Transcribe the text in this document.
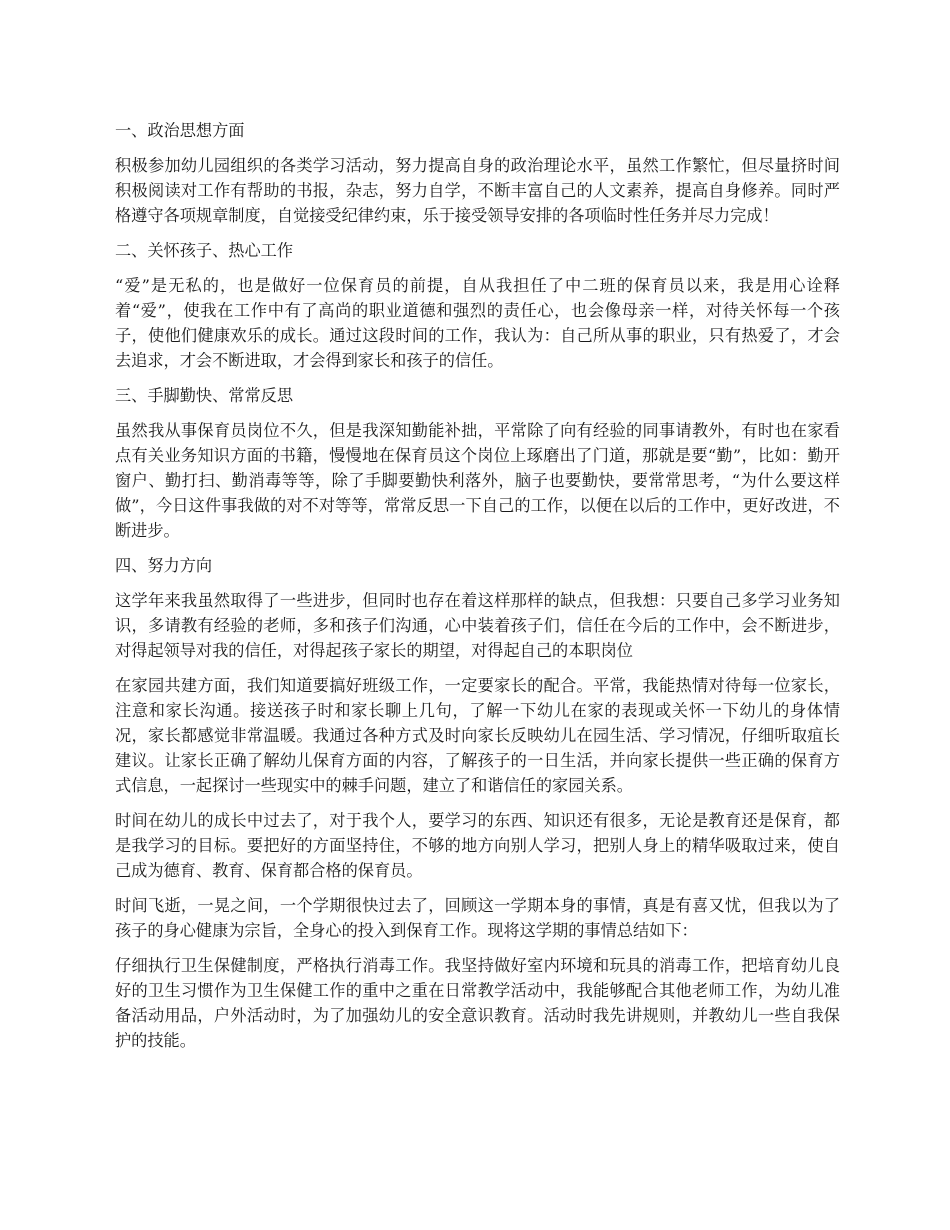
一、政治思想方面

积极参加幼儿园组织的各类学习活动，努力提高自身的政治理论水平，虽然工作繁忙，但尽量挤时间积极阅读对工作有帮助的书报，杂志，努力自学，不断丰富自己的人文素养，提高自身修养。同时严格遵守各项规章制度，自觉接受纪律约束，乐于接受领导安排的各项临时性任务并尽力完成！

二、关怀孩子、热心工作

“爱”是无私的，也是做好一位保育员的前提，自从我担任了中二班的保育员以来，我是用心诠释着“爱”，使我在工作中有了高尚的职业道德和强烈的责任心，也会像母亲一样，对待关怀每一个孩子，使他们健康欢乐的成长。通过这段时间的工作，我认为：自己所从事的职业，只有热爱了，才会去追求，才会不断进取，才会得到家长和孩子的信任。

三、手脚勤快、常常反思

虽然我从事保育员岗位不久，但是我深知勤能补拙，平常除了向有经验的同事请教外，有时也在家看点有关业务知识方面的书籍，慢慢地在保育员这个岗位上琢磨出了门道，那就是要“勤”，比如：勤开窗户、勤打扫、勤消毒等等，除了手脚要勤快利落外，脑子也要勤快，要常常思考，“为什么要这样做”，今日这件事我做的对不对等等，常常反思一下自己的工作，以便在以后的工作中，更好改进，不断进步。

四、努力方向

这学年来我虽然取得了一些进步，但同时也存在着这样那样的缺点，但我想：只要自己多学习业务知识，多请教有经验的老师，多和孩子们沟通，心中装着孩子们，信任在今后的工作中，会不断进步，对得起领导对我的信任，对得起孩子家长的期望，对得起自己的本职岗位

在家园共建方面，我们知道要搞好班级工作，一定要家长的配合。平常，我能热情对待每一位家长，注意和家长沟通。接送孩子时和家长聊上几句，了解一下幼儿在家的表现或关怀一下幼儿的身体情况，家长都感觉非常温暖。我通过各种方式及时向家长反映幼儿在园生活、学习情况，仔细听取疽长建议。让家长正确了解幼儿保育方面的内容，了解孩子的一日生活，并向家长提供一些正确的保育方式信息，一起探讨一些现实中的棘手问题，建立了和谐信任的家园关系。

时间在幼儿的成长中过去了，对于我个人，要学习的东西、知识还有很多，无论是教育还是保育，都是我学习的目标。要把好的方面坚持住，不够的地方向别人学习，把别人身上的精华吸取过来，使自己成为德育、教育、保育都合格的保育员。

时间飞逝，一晃之间，一个学期很快过去了，回顾这一学期本身的事情，真是有喜又忧，但我以为了孩子的身心健康为宗旨，全身心的投入到保育工作。现将这学期的事情总结如下：

仔细执行卫生保健制度，严格执行消毒工作。我坚持做好室内环境和玩具的消毒工作，把培育幼儿良好的卫生习惯作为卫生保健工作的重中之重在日常教学活动中，我能够配合其他老师工作，为幼儿准备活动用品，户外活动时，为了加强幼儿的安全意识教育。活动时我先讲规则，并教幼儿一些自我保护的技能。
